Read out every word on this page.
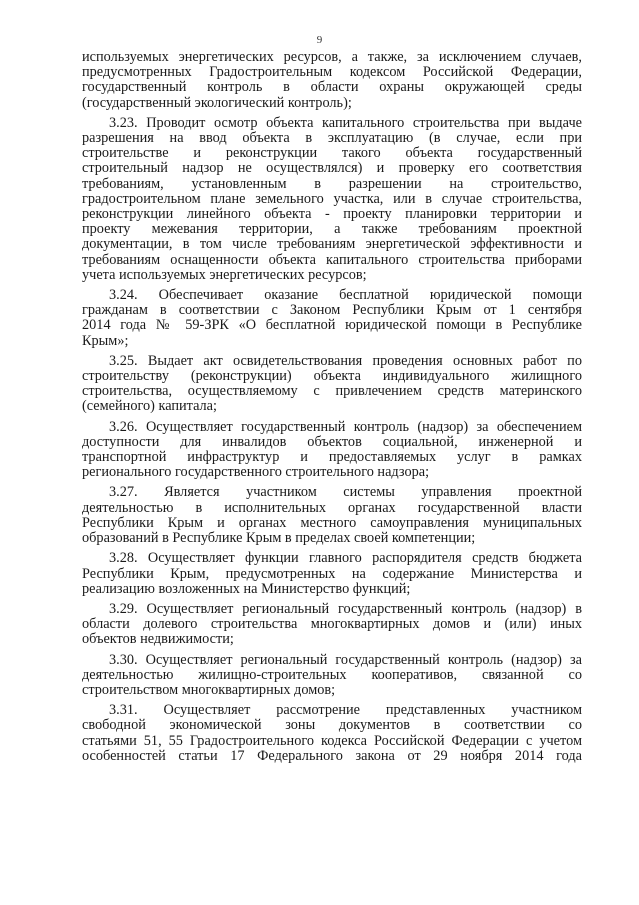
9
используемых энергетических ресурсов, а также, за исключением случаев,
предусмотренных Градостроительным кодексом Российской Федерации,
государственный контроль в области охраны окружающей среды
(государственный экологический контроль);
3.23. Проводит осмотр объекта капитального строительства при выдаче
разрешения на ввод объекта в эксплуатацию (в случае, если при
строительстве и реконструкции такого объекта государственный
строительный надзор не осуществлялся) и проверку его соответствия
требованиям, установленным в разрешении на строительство,
градостроительном плане земельного участка, или в случае строительства,
реконструкции линейного объекта - проекту планировки территории и
проекту межевания территории, а также требованиям проектной
документации, в том числе требованиям энергетической эффективности и
требованиям оснащенности объекта капитального строительства приборами
учета используемых энергетических ресурсов;
3.24. Обеспечивает оказание бесплатной юридической помощи
гражданам в соответствии с Законом Республики Крым от 1 сентября
2014 года № 59-ЗРК «О бесплатной юридической помощи в Республике
Крым»;
3.25. Выдает акт освидетельствования проведения основных работ по
строительству (реконструкции) объекта индивидуального жилищного
строительства, осуществляемому с привлечением средств материнского
(семейного) капитала;
3.26. Осуществляет государственный контроль (надзор) за обеспечением
доступности для инвалидов объектов социальной, инженерной и
транспортной инфраструктур и предоставляемых услуг в рамках
регионального государственного строительного надзора;
3.27. Является участником системы управления проектной
деятельностью в исполнительных органах государственной власти
Республики Крым и органах местного самоуправления муниципальных
образований в Республике Крым в пределах своей компетенции;
3.28. Осуществляет функции главного распорядителя средств бюджета
Республики Крым, предусмотренных на содержание Министерства и
реализацию возложенных на Министерство функций;
3.29. Осуществляет региональный государственный контроль (надзор) в
области долевого строительства многоквартирных домов и (или) иных
объектов недвижимости;
3.30. Осуществляет региональный государственный контроль (надзор) за
деятельностью жилищно-строительных кооперативов, связанной со
строительством многоквартирных домов;
3.31. Осуществляет рассмотрение представленных участником
свободной экономической зоны документов в соответствии со
статьями 51, 55 Градостроительного кодекса Российской Федерации с учетом
особенностей статьи 17 Федерального закона от 29 ноября 2014 года
